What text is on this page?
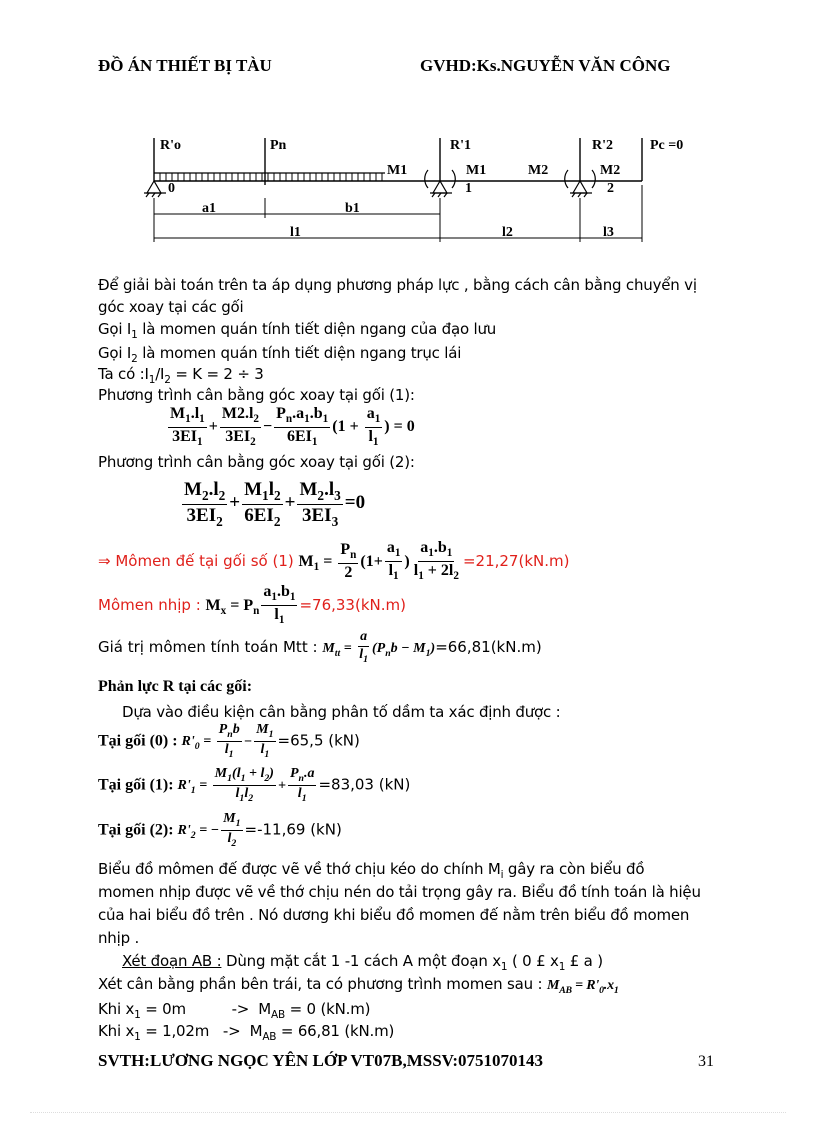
ĐỒ ÁN THIẾT BỊ TÀU	GVHD:Ks.NGUYỄN VĂN CÔNG
R'o	Pn	R'1	R'2	Pc =0
M1	M1	M2	M2
0	1	2
a1	b1
l1	l2	l3
Để giải bài toán trên ta áp dụng phương pháp lực , bằng cách cân bằng chuyển vị
góc xoay tại các gối
Gọi $I_1$ là momen quán tính tiết diện ngang của đạo lưu
Gọi $I_2$ là momen quán tính tiết diện ngang trục lái
Ta có $:I_1/I_2 = K = 2 \div 3$
Phương trình cân bằng góc xoay tại gối (1):
$\frac{M_1.l_1}{3EI_1} + \frac{M2.l_2}{3EI_2} - \frac{P_n.a_1.b_1}{6EI_1} (1 + \frac{a_1}{l_1}$ ) = 0
Phương trình cân bằng góc xoay tại gối (2):
$\frac{M_2.l_2}{3EI_2} + \frac{M_1l_2}{6EI_2} + \frac{M_2.l_3}{3EI_3} =0$
⇒ Mômen đế tại gối số (1) $M_1 = \frac{P_n}{2} (1+ \frac{a_1}{l_1}$ ) $\frac{a_1.b_1}{l_1 + 2l_2} =21,27(kN.m)$
Mômen nhịp : $M_x = P_n \frac{a_1.b_1}{l_1} =76,33(kN.m)$
Giá trị mômen tính toán Mtt : $M_{tt} = \frac{a}{l_1} (P_nb - M_1)=66,81(kN.m)$
Phản lực R tại các gối:
Dựa vào điều kiện cân bằng phân tố dầm ta xác định được :
Tại gối (0) : $R'_0 = \frac{P_nb}{l_1} - \frac{M_1}{l_1} =65,5$ (kN)
Tại gối (1): $R'_1 = \frac{M_1(l_1 + l_2)}{l_1l_2} + \frac{P_n.a}{l_1} =83,03$ (kN)
Tại gối (2): $R'_2$ = − $\frac{M_1}{l_2} =-11,69$ (kN)
Biểu đồ mômen đế được vẽ về thớ chịu kéo do chính $M_i$ gây ra còn biểu đồ
momen nhịp được vẽ về thớ chịu nén do tải trọng gây ra. Biểu đồ tính toán là hiệu
của hai biểu đồ trên . Nó dương khi biểu đồ momen đế nằm trên biểu đồ momen
nhịp .
Xét đoạn AB : Dùng mặt cắt 1 -1 cách A một đoạn $x_1$ ( 0 £ $x_1$ £ a )
Xét cân bằng phần bên trái, ta có phương trình momen sau : $M_{AB} = R'_0.x_1$
Khi $x_1 = 0m$          ->  $M_{AB} = 0$ (kN.m)
Khi $x_1 = 1,02m -> M_{AB} = 66,81$ (kN.m)
SVTH:LƯƠNG NGỌC YÊN LỚP VT07B,MSSV:0751070143	31
